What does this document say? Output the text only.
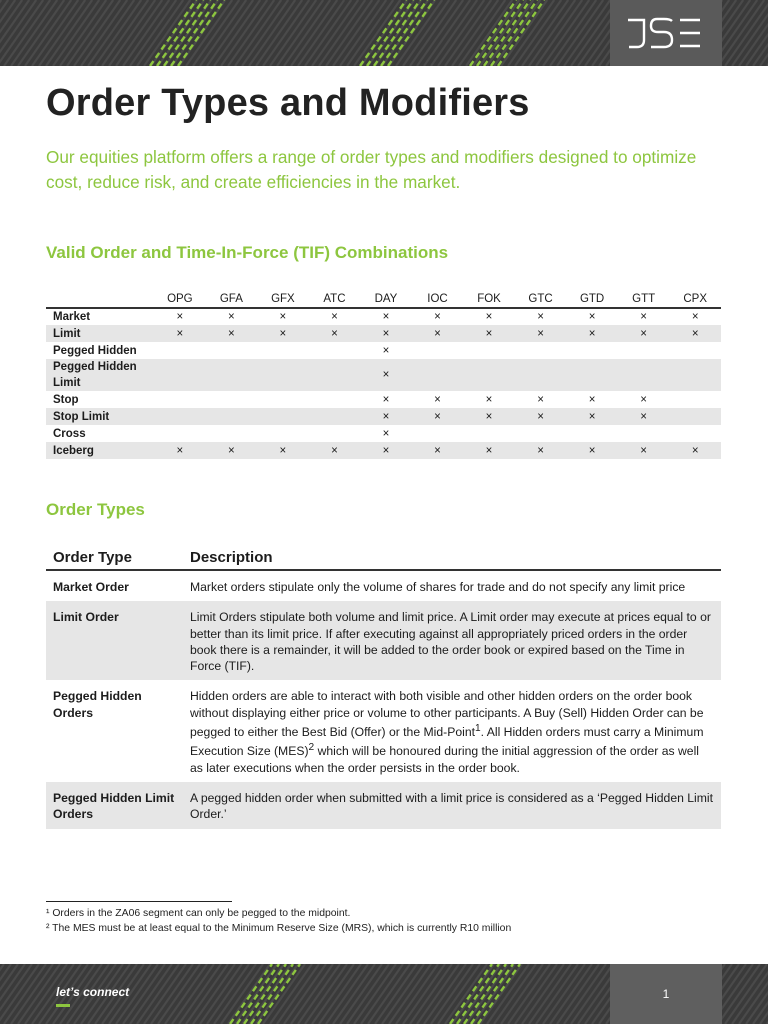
Order Types and Modifiers

Our equities platform offers a range of order types and modifiers designed to optimize cost, reduce risk, and create efficiencies in the market.

Valid Order and Time-In-Force (TIF) Combinations
	OPG	GFA	GFX	ATC	DAY	IOC	FOK	GTC	GTD	GTT	CPX
Market	×	×	×	×	×	×	×	×	×	×	×
Limit	×	×	×	×	×	×	×	×	×	×	×
Pegged Hidden					×						
Pegged Hidden Limit					×						
Stop					×	×	×	×	×	×	
Stop Limit					×	×	×	×	×	×	
Cross					×						
Iceberg	×	×	×	×	×	×	×	×	×	×	×
Order Types
Order Type	Description
Market Order	Market orders stipulate only the volume of shares for trade and do not specify any limit price
Limit Order	Limit Orders stipulate both volume and limit price. A Limit order may execute at prices equal to or better than its limit price. If after executing against all appropriately priced orders in the order book there is a remainder, it will be added to the order book or expired based on the Time in Force (TIF).
Pegged Hidden Orders	Hidden orders are able to interact with both visible and other hidden orders on the order book without displaying either price or volume to other participants. A Buy (Sell) Hidden Order can be pegged to either the Best Bid (Offer) or the Mid-Point$^1$. All Hidden orders must carry a Minimum Execution Size (MES)$^2$ which will be honoured during the initial aggression of the order as well as later executions when the order persists in the order book.
Pegged Hidden Limit Orders	A pegged hidden order when submitted with a limit price is considered as a ‘Pegged Hidden Limit Order.’
¹ Orders in the ZA06 segment can only be pegged to the midpoint.
² The MES must be at least equal to the Minimum Reserve Size (MRS), which is currently R10 million
let’s connect	1
